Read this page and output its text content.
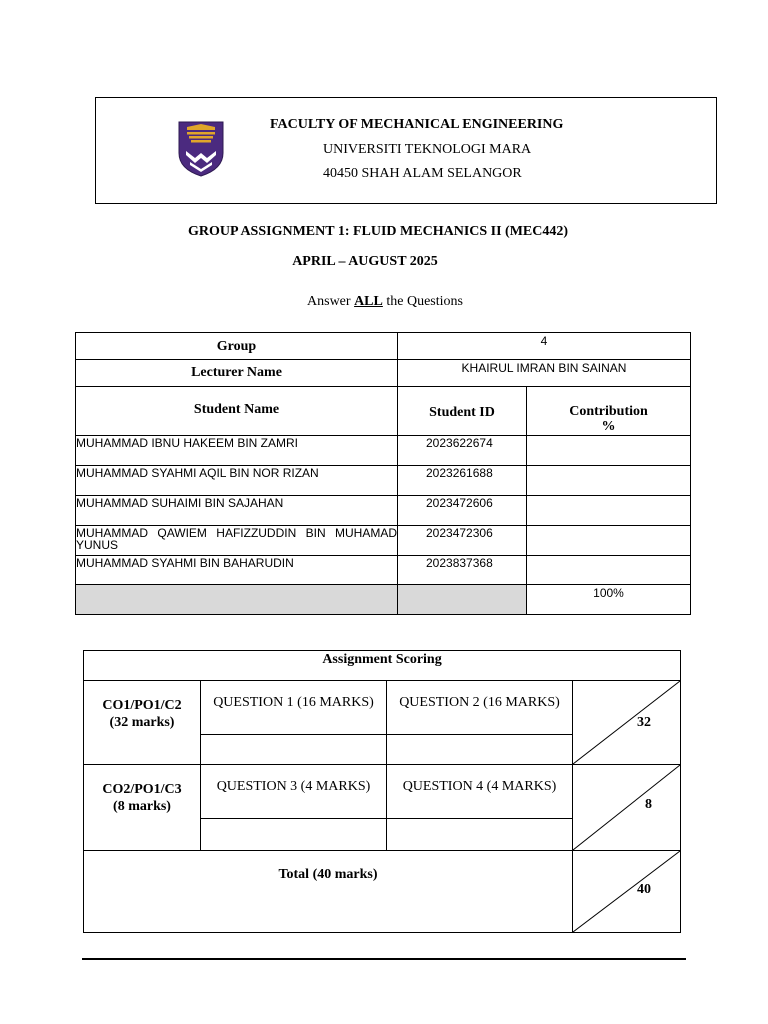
FACULTY OF MECHANICAL ENGINEERING
UNIVERSITI TEKNOLOGI MARA
40450 SHAH ALAM SELANGOR
GROUP ASSIGNMENT 1: FLUID MECHANICS II (MEC442)
APRIL – AUGUST 2025
Answer ALL the Questions
Group	4	
Lecturer Name	KHAIRUL IMRAN BIN SAINAN	
Student Name	Student ID	Contribution
%
MUHAMMAD IBNU HAKEEM BIN ZAMRI	2023622674	
MUHAMMAD SYAHMI AQIL BIN NOR RIZAN	2023261688	
MUHAMMAD SUHAIMI BIN SAJAHAN	2023472606	
MUHAMMAD  QAWIEM  HAFIZZUDDIN  BIN  MUHAMAD YUNUS	2023472306	
MUHAMMAD SYAHMI BIN BAHARUDIN	2023837368	
		100%
Assignment Scoring			
CO1/PO1/C2
(32 marks)	QUESTION 1 (16 MARKS)	QUESTION 2 (16 MARKS)	32

CO2/PO1/C3
(8 marks)	QUESTION 3 (4 MARKS)	QUESTION 4 (4 MARKS)	8

Total (40 marks)			40
